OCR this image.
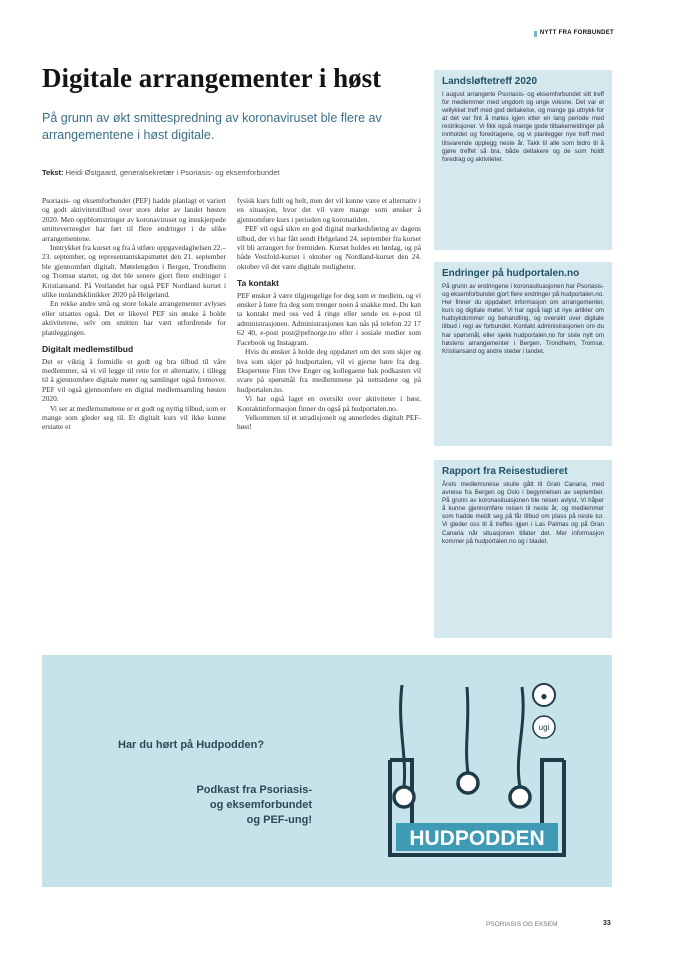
NYTT FRA FORBUNDET
Digitale arrangementer i høst

På grunn av økt smittespredning av koronaviruset ble flere av arrangementene i høst digitale.

Tekst: Heidi Østgaard, generalsekretær i Psoriasis- og eksemforbundet

Psoriasis- og eksemforbundet (PEF) hadde planlagt et variert og godt aktivitetstilbud over store deler av landet høsten 2020. Men oppblomstringer av koronaviruset og innskjerpede smittevernregler har ført til flere endringer i de ulike arrangementene.

Inntrykket fra kurset og fra å utføre oppgavedaghelsen 22.–23. september, og representantskapsmøtet den 21. september ble gjennomført digitalt. Møtelengden i Bergen, Trondheim og Tromsø startet, og det ble senere gjort flere endringer i Kristiansand. På Vestlandet har også PEF Nordland kurset i ulike innlandsklinikker 2020 på Helgeland.

En rekke andre små og store lokale arrangementer avlyses eller utsattes også. Det er likevel PEF sin ønske å holde aktivitetene, selv om smitten har vært utfordrende for planleggingen.

Digitalt medlemstilbud

Det er viktig å formidle et godt og bra tilbud til våre medlemmer, så vi vil legge til rette for et alternativ, i tillegg til å gjennomføre digitale møter og samlinger også fremover. PEF vil også gjennomføre en digital medlemsamling høsten 2020.

Vi ser at medlemsmøtene er et godt og nyttig tilbud, som er mange som gleder seg til. Et digitalt kurs vil ikke kunne erstatte et

fysisk kurs fullt og helt, men det vil kunne være et alternativ i en situasjon, hvor det vil være mange som ønsker å gjennomføre kurs i perioden og koronatiden.

PEF vil også sikre en god digital markedsføring av dagens tilbud, der vi har fått sendt Helgeland 24. september fra kurset vil bli arrangert for fremtiden. Kurset holdes en lørdag, og på både Vestfold-kurset i oktober og Nordland-kurset den 24. oktober vil det være digitale muligheter.

Ta kontakt

PEF ønsker å være tilgjengelige for deg som er medlem, og vi ønsker å høre fra deg som trenger noen å snakke med. Du kan ta kontakt med oss ved å ringe eller sende en e-post til administrasjonen. Administrasjonen kan nås på telefon 22 17 62 40, e-post post@pefnorge.no eller i sosiale medier som Facebook og Instagram.

Hvis du ønsker å holde deg oppdatert om det som skjer og hva som skjer på hudportalen, vil vi gjerne høre fra deg. Ekspertene Finn Ove Enger og kollegaene bak podkasten vil svare på spørsmål fra medlemmene på nettsidene og på hudportalen.no.

Vi har også laget en oversikt over aktiviteter i høst. Kontaktinformasjon finner du også på hudportalen.no.

Velkommen til et utradisjonelt og annerledes digitalt PEF-høst!

Landsløftetreff 2020

I august arrangerte Psoriasis- og eksemforbundet sitt treff for medlemmer med ungdom og unge voksne. Det var et vellykket treff med god deltakelse, og mange ga uttrykk for at det var fint å møtes igjen etter en lang periode med restriksjoner. Vi fikk også mange gode tilbakemeldinger på innholdet og foredragene, og vi planlegger nye treff med tilsvarende opplegg neste år. Takk til alle som bidro til å gjøre treffet så bra, både deltakere og de som holdt foredrag og aktiviteter.

Endringer på hudportalen.no

På grunn av endringene i koronasituasjonen har Psoriasis- og eksemforbundet gjort flere endringer på hudportalen.no. Her finner du oppdatert informasjon om arrangementer, kurs og digitale møter. Vi har også lagt ut nye artikler om hudsykdommer og behandling, og oversikt over digitale tilbud i regi av forbundet. Kontakt administrasjonen om du har spørsmål, eller sjekk hudportalen.no for siste nytt om høstens arrangementer i Bergen, Trondheim, Tromsø, Kristiansand og andre steder i landet.

Rapport fra Reisestudieret

Årets medlemsreise skulle gått til Gran Canaria, med avreise fra Bergen og Oslo i begynnelsen av september. På grunn av koronasituasjonen ble reisen avlyst. Vi håper å kunne gjennomføre reisen til neste år, og medlemmer som hadde meldt seg på får tilbud om plass på neste tur. Vi gleder oss til å treffes igjen i Las Palmas og på Gran Canaria når situasjonen tillater det. Mer informasjon kommer på hudportalen.no og i bladet.

Har du hørt på Hudpodden?
Podkast fra Psoriasis-
og eksemforbundet
og PEF-ung!
HUDPODDEN
●
ugi
PSORIASIS OG EKSEM	33
